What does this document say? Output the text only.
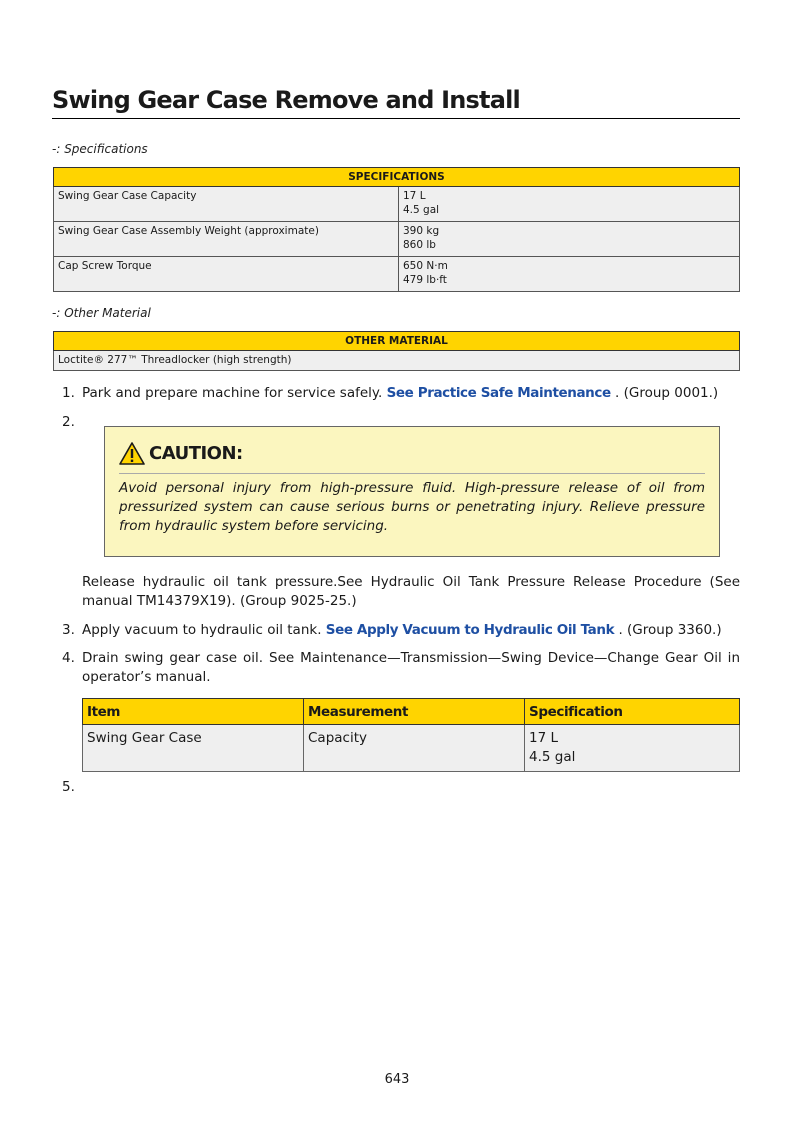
Swing Gear Case Remove and Install
-: Specifications
SPECIFICATIONS	
Swing Gear Case Capacity	17 L
4.5 gal

Swing Gear Case Assembly Weight (approximate)	390 kg
860 lb

Cap Screw Torque	650 N·m
479 lb·ft
-: Other Material
OTHER MATERIAL
Loctite® 277™ Threadlocker (high strength)
1. Park and prepare machine for service safely. See Practice Safe Maintenance . (Group 0001.)
2.
CAUTION:
Avoid personal injury from high-pressure fluid. High-pressure release of oil from pressurized system can cause serious burns or penetrating injury. Relieve pressure from hydraulic system before servicing.
Release hydraulic oil tank pressure.See Hydraulic Oil Tank Pressure Release Procedure (See manual TM14379X19). (Group 9025-25.)
3. Apply vacuum to hydraulic oil tank. See Apply Vacuum to Hydraulic Oil Tank . (Group 3360.)
4. Drain swing gear case oil. See Maintenance—Transmission—Swing Device—Change Gear Oil in operator’s manual.
Item	Measurement	Specification
Swing Gear Case	Capacity	17 L
4.5 gal
5.
643
